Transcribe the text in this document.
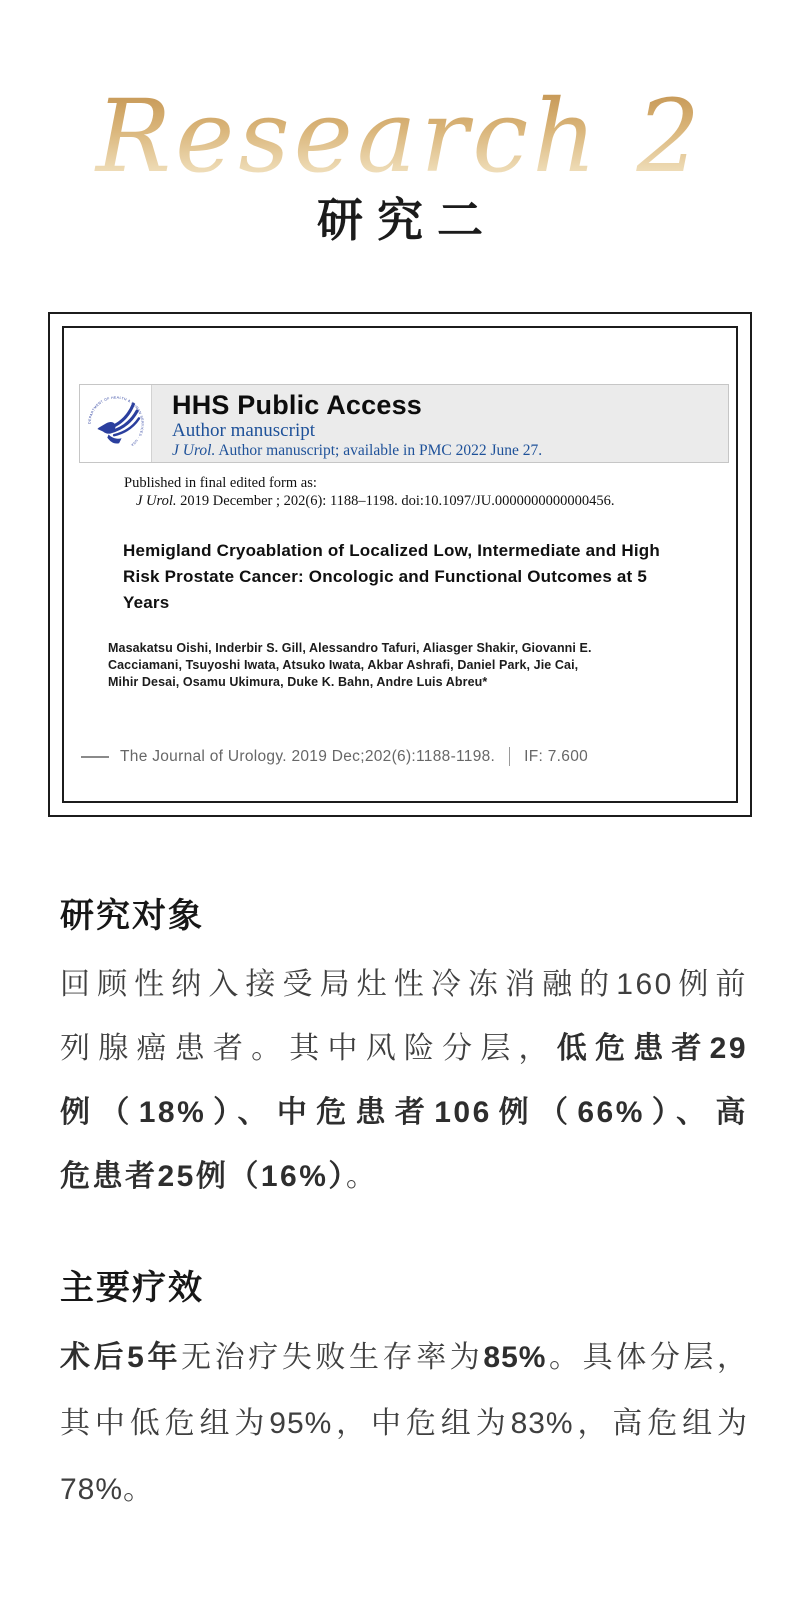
Research 2
研究二
DEPARTMENT OF HEALTH & HUMAN SERVICES · USA
HHS Public Access
Author manuscript
J Urol. Author manuscript; available in PMC 2022 June 27.
Published in final edited form as:
J Urol. 2019 December ; 202(6): 1188–1198. doi:10.1097/JU.0000000000000456.
Hemigland Cryoablation of Localized Low, Intermediate and High
Risk Prostate Cancer: Oncologic and Functional Outcomes at 5
Years
Masakatsu Oishi, Inderbir S. Gill, Alessandro Tafuri, Aliasger Shakir, Giovanni E.
Cacciamani, Tsuyoshi Iwata, Atsuko Iwata, Akbar Ashrafi, Daniel Park, Jie Cai,
Mihir Desai, Osamu Ukimura, Duke K. Bahn, Andre Luis Abreu*
The Journal of Urology. 2019 Dec;202(6):1188-1198. IF: 7.600
研究对象
回顾性纳入接受局灶性冷冻消融的160例前
列腺癌患者。其中风险分层，低危患者29
例（18%）、中危患者106例（66%）、高
危患者25例（16%）。
主要疗效
术后5年无治疗失败生存率为85%。具体分层，
其中低危组为95%，中危组为83%，高危组为
78%。
